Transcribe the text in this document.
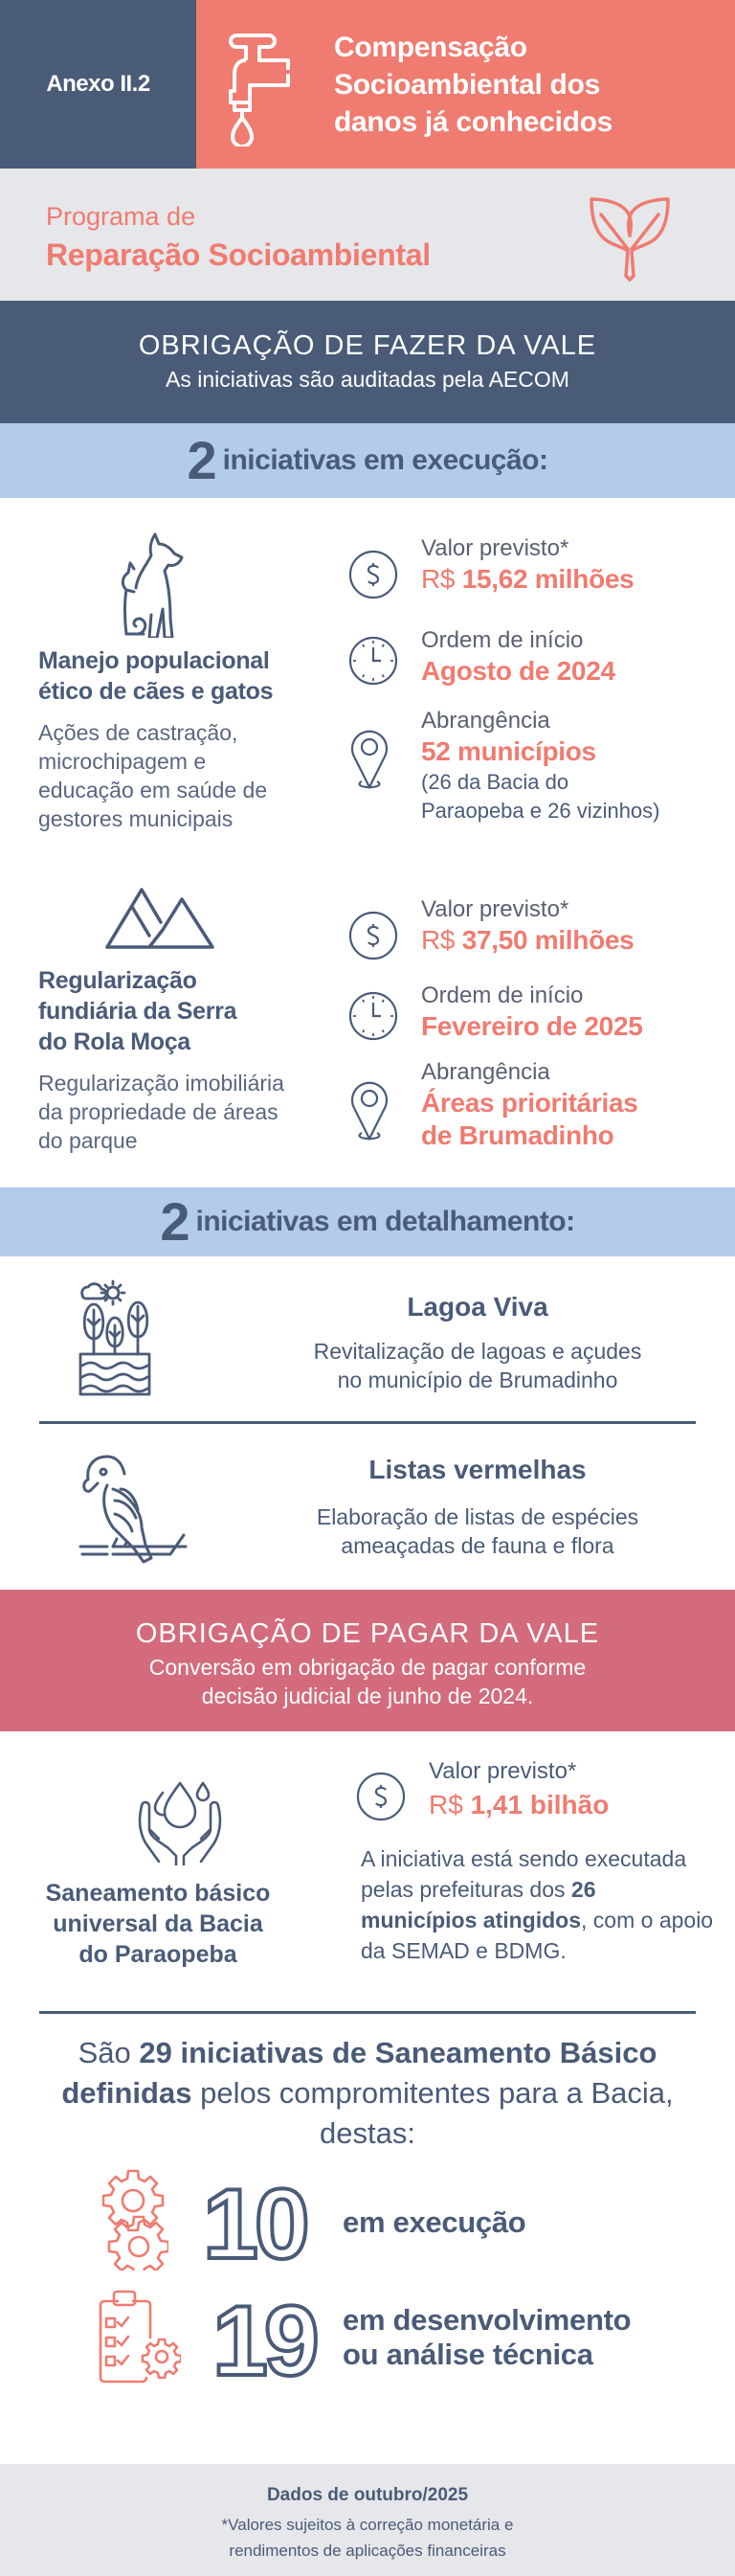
Anexo II.2
Compensação
Socioambiental dos
danos já conhecidos
Programa de
Reparação Socioambiental
OBRIGAÇÃO DE FAZER DA VALE
As iniciativas são auditadas pela AECOM
2 iniciativas em execução:
Manejo populacional
ético de cães e gatos
Ações de castração,
microchipagem e
educação em saúde de
gestores municipais
Valor previsto*
R$ 15,62 milhões
Ordem de início
Agosto de 2024
Abrangência
52 municípios
(26 da Bacia do
Paraopeba e 26 vizinhos)
Regularização
fundiária da Serra
do Rola Moça
Regularização imobiliária
da propriedade de áreas
do parque
Valor previsto*
R$ 37,50 milhões
Ordem de início
Fevereiro de 2025
Abrangência
Áreas prioritárias
de Brumadinho
2 iniciativas em detalhamento:
Lagoa Viva
Revitalização de lagoas e açudes
no município de Brumadinho
Listas vermelhas
Elaboração de listas de espécies
ameaçadas de fauna e flora
OBRIGAÇÃO DE PAGAR DA VALE
Conversão em obrigação de pagar conforme
decisão judicial de junho de 2024.
Saneamento básico
universal da Bacia
do Paraopeba
Valor previsto*
R$ 1,41 bilhão
A iniciativa está sendo executada pelas prefeituras dos 26 municípios atingidos, com o apoio da SEMAD e BDMG.
São 29 iniciativas de Saneamento Básico definidas pelos compromitentes para a Bacia, destas:
10 em execução
19 em desenvolvimento
ou análise técnica
Dados de outubro/2025
*Valores sujeitos à correção monetária e
rendimentos de aplicações financeiras
